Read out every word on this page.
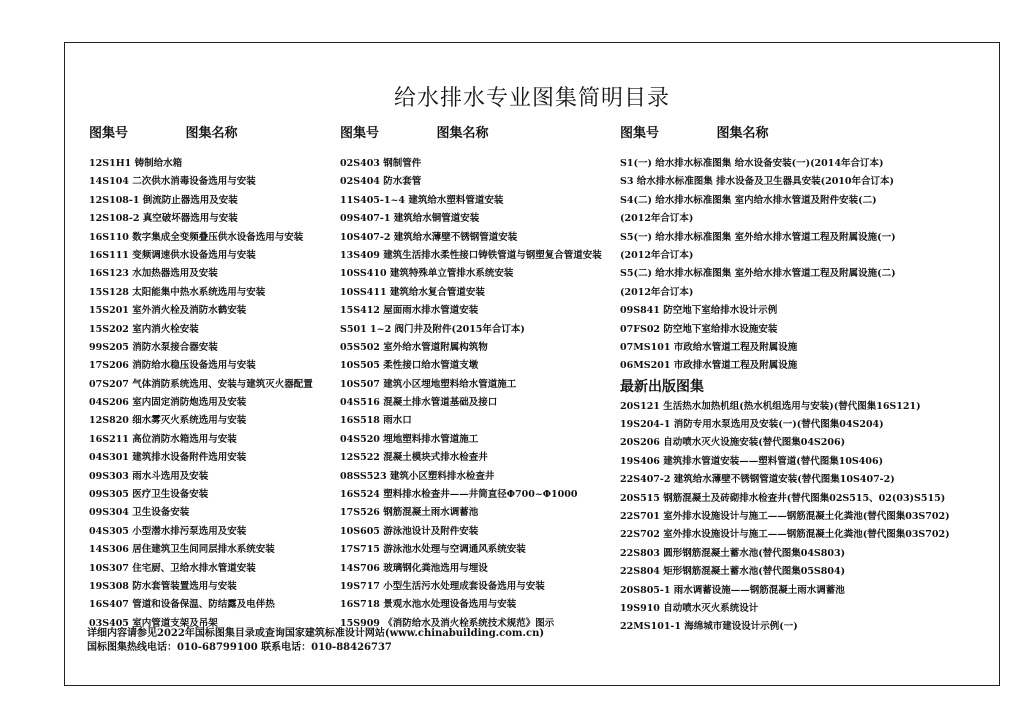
给水排水专业图集简明目录
图集号	图集名称
12S1H1 铸制给水箱
14S104 二次供水消毒设备选用与安装
12S108-1 倒流防止器选用及安装
12S108-2 真空破坏器选用与安装
16S110 数字集成全变频叠压供水设备选用与安装
16S111 变频调速供水设备选用与安装
16S123 水加热器选用及安装
15S128 太阳能集中热水系统选用与安装
15S201 室外消火栓及消防水鹤安装
15S202 室内消火栓安装
99S205 消防水泵接合器安装
17S206 消防给水稳压设备选用与安装
07S207 气体消防系统选用、安装与建筑灭火器配置
04S206 室内固定消防炮选用及安装
12S820 细水雾灭火系统选用与安装
16S211 高位消防水箱选用与安装
04S301 建筑排水设备附件选用安装
09S303 雨水斗选用及安装
09S305 医疗卫生设备安装
09S304 卫生设备安装
04S305 小型潜水排污泵选用及安装
14S306 居住建筑卫生间同层排水系统安装
10S307 住宅厨、卫给水排水管道安装
19S308 防水套管装置选用与安装
16S407 管道和设备保温、防结露及电伴热
03S405 室内管道支架及吊架
图集号	图集名称
02S403 钢制管件
02S404 防水套管
11S405-1~4 建筑给水塑料管道安装
09S407-1 建筑给水铜管道安装
10S407-2 建筑给水薄壁不锈钢管道安装
13S409 建筑生活排水柔性接口铸铁管道与钢塑复合管道安装
10SS410 建筑特殊单立管排水系统安装
10SS411 建筑给水复合管道安装
15S412 屋面雨水排水管道安装
S501 1~2 阀门井及附件(2015年合订本)
05S502 室外给水管道附属构筑物
10S505 柔性接口给水管道支墩
10S507 建筑小区埋地塑料给水管道施工
04S516 混凝土排水管道基础及接口
16S518 雨水口
04S520 埋地塑料排水管道施工
12S522 混凝土模块式排水检查井
08SS523 建筑小区塑料排水检查井
16S524 塑料排水检查井——井筒直径Φ700~Φ1000
17S526 钢筋混凝土雨水调蓄池
10S605 游泳池设计及附件安装
17S715 游泳池水处理与空调通风系统安装
14S706 玻璃钢化粪池选用与埋设
19S717 小型生活污水处理成套设备选用与安装
16S718 景观水池水处理设备选用与安装
15S909 《消防给水及消火栓系统技术规范》图示
图集号	图集名称
S1(一) 给水排水标准图集 给水设备安装(一)(2014年合订本)
S3 给水排水标准图集 排水设备及卫生器具安装(2010年合订本)
S4(二) 给水排水标准图集 室内给水排水管道及附件安装(二)
(2012年合订本)
S5(一) 给水排水标准图集 室外给水排水管道工程及附属设施(一)
(2012年合订本)
S5(二) 给水排水标准图集 室外给水排水管道工程及附属设施(二)
(2012年合订本)
09S841 防空地下室给排水设计示例
07FS02 防空地下室给排水设施安装
07MS101 市政给水管道工程及附属设施
06MS201 市政排水管道工程及附属设施
最新出版图集
20S121 生活热水加热机组(热水机组选用与安装)(替代图集16S121)
19S204-1 消防专用水泵选用及安装(一)(替代图集04S204)
20S206 自动喷水灭火设施安装(替代图集04S206)
19S406 建筑排水管道安装——塑料管道(替代图集10S406)
22S407-2 建筑给水薄壁不锈钢管道安装(替代图集10S407-2)
20S515 钢筋混凝土及砖砌排水检查井(替代图集02S515、02(03)S515)
22S701 室外排水设施设计与施工——钢筋混凝土化粪池(替代图集03S702)
22S702 室外排水设施设计与施工——钢筋混凝土化粪池(替代图集03S702)
22S803 圆形钢筋混凝土蓄水池(替代图集04S803)
22S804 矩形钢筋混凝土蓄水池(替代图集05S804)
20S805-1 雨水调蓄设施——钢筋混凝土雨水调蓄池
19S910 自动喷水灭火系统设计
22MS101-1 海绵城市建设设计示例(一)
详细内容请参见2022年国标图集目录或查询国家建筑标准设计网站(www.chinabuilding.com.cn)
国标图集热线电话：010-68799100 联系电话：010-88426737
